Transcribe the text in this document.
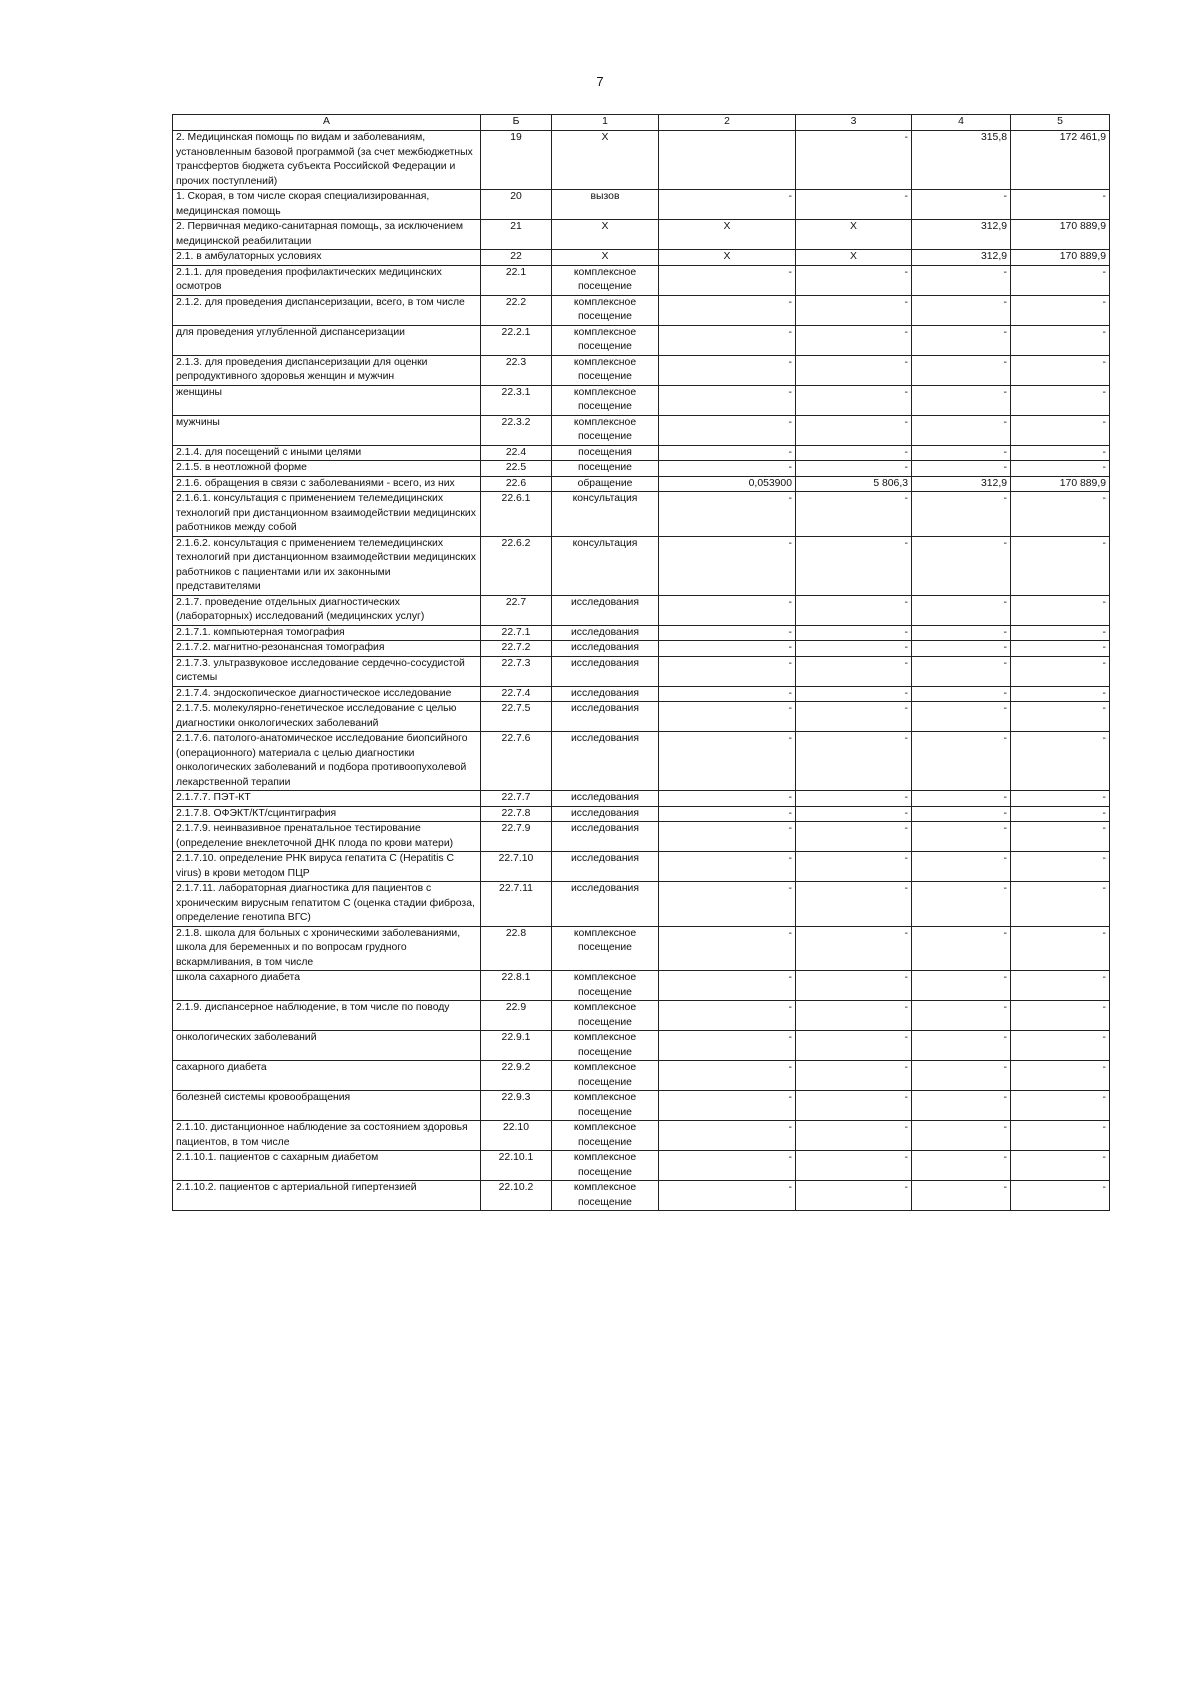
7
А	Б	1	2	3	4	5
2. Медицинская помощь по видам и заболеваниям, установленным базовой программой (за счет межбюджетных трансфертов бюджета субъекта Российской Федерации и прочих поступлений)	19	X		-	315,8	172 461,9
1. Скорая, в том числе скорая специализированная, медицинская помощь	20	вызов	-	-	-	-
2. Первичная медико-санитарная помощь, за исключением медицинской реабилитации	21	X	X	X	312,9	170 889,9
2.1. в амбулаторных условиях	22	X	X	X	312,9	170 889,9
2.1.1. для проведения профилактических медицинских осмотров	22.1	комплексное посещение	-	-	-	-
2.1.2. для проведения диспансеризации, всего, в том числе	22.2	комплексное посещение	-	-	-	-
для проведения углубленной диспансеризации	22.2.1	комплексное посещение	-	-	-	-
2.1.3. для проведения диспансеризации для оценки репродуктивного здоровья женщин и мужчин	22.3	комплексное посещение	-	-	-	-
женщины	22.3.1	комплексное посещение	-	-	-	-
мужчины	22.3.2	комплексное посещение	-	-	-	-
2.1.4. для посещений с иными целями	22.4	посещения	-	-	-	-
2.1.5. в неотложной форме	22.5	посещение	-	-	-	-
2.1.6. обращения в связи с заболеваниями - всего, из них	22.6	обращение	0,053900	5 806,3	312,9	170 889,9
2.1.6.1. консультация с применением телемедицинских технологий при дистанционном взаимодействии медицинских работников между собой	22.6.1	консультация	-	-	-	-
2.1.6.2. консультация с применением телемедицинских технологий при дистанционном взаимодействии медицинских работников с пациентами или их законными представителями	22.6.2	консультация	-	-	-	-
2.1.7. проведение отдельных диагностических (лабораторных) исследований (медицинских услуг)	22.7	исследования	-	-	-	-
2.1.7.1. компьютерная томография	22.7.1	исследования	-	-	-	-
2.1.7.2. магнитно-резонансная томография	22.7.2	исследования	-	-	-	-
2.1.7.3. ультразвуковое исследование сердечно-сосудистой системы	22.7.3	исследования	-	-	-	-
2.1.7.4. эндоскопическое диагностическое исследование	22.7.4	исследования	-	-	-	-
2.1.7.5. молекулярно-генетическое исследование с целью диагностики онкологических заболеваний	22.7.5	исследования	-	-	-	-
2.1.7.6. патолого-анатомическое исследование биопсийного (операционного) материала с целью диагностики онкологических заболеваний и подбора противоопухолевой лекарственной терапии	22.7.6	исследования	-	-	-	-
2.1.7.7. ПЭТ-КТ	22.7.7	исследования	-	-	-	-
2.1.7.8. ОФЭКТ/КТ/сцинтиграфия	22.7.8	исследования	-	-	-	-
2.1.7.9. неинвазивное пренатальное тестирование (определение внеклеточной ДНК плода по крови матери)	22.7.9	исследования	-	-	-	-
2.1.7.10. определение РНК вируса гепатита С (Hepatitis C virus) в крови методом ПЦР	22.7.10	исследования	-	-	-	-
2.1.7.11. лабораторная диагностика для пациентов с хроническим вирусным гепатитом С (оценка стадии фиброза, определение генотипа ВГС)	22.7.11	исследования	-	-	-	-
2.1.8. школа для больных с хроническими заболеваниями, школа для беременных и по вопросам грудного вскармливания, в том числе	22.8	комплексное посещение	-	-	-	-
школа сахарного диабета	22.8.1	комплексное посещение	-	-	-	-
2.1.9. диспансерное наблюдение, в том числе по поводу	22.9	комплексное посещение	-	-	-	-
онкологических заболеваний	22.9.1	комплексное посещение	-	-	-	-
сахарного диабета	22.9.2	комплексное посещение	-	-	-	-
болезней системы кровообращения	22.9.3	комплексное посещение	-	-	-	-
2.1.10. дистанционное наблюдение за состоянием здоровья пациентов, в том числе	22.10	комплексное посещение	-	-	-	-
2.1.10.1. пациентов с сахарным диабетом	22.10.1	комплексное посещение	-	-	-	-
2.1.10.2. пациентов с артериальной гипертензией	22.10.2	комплексное посещение	-	-	-	-
